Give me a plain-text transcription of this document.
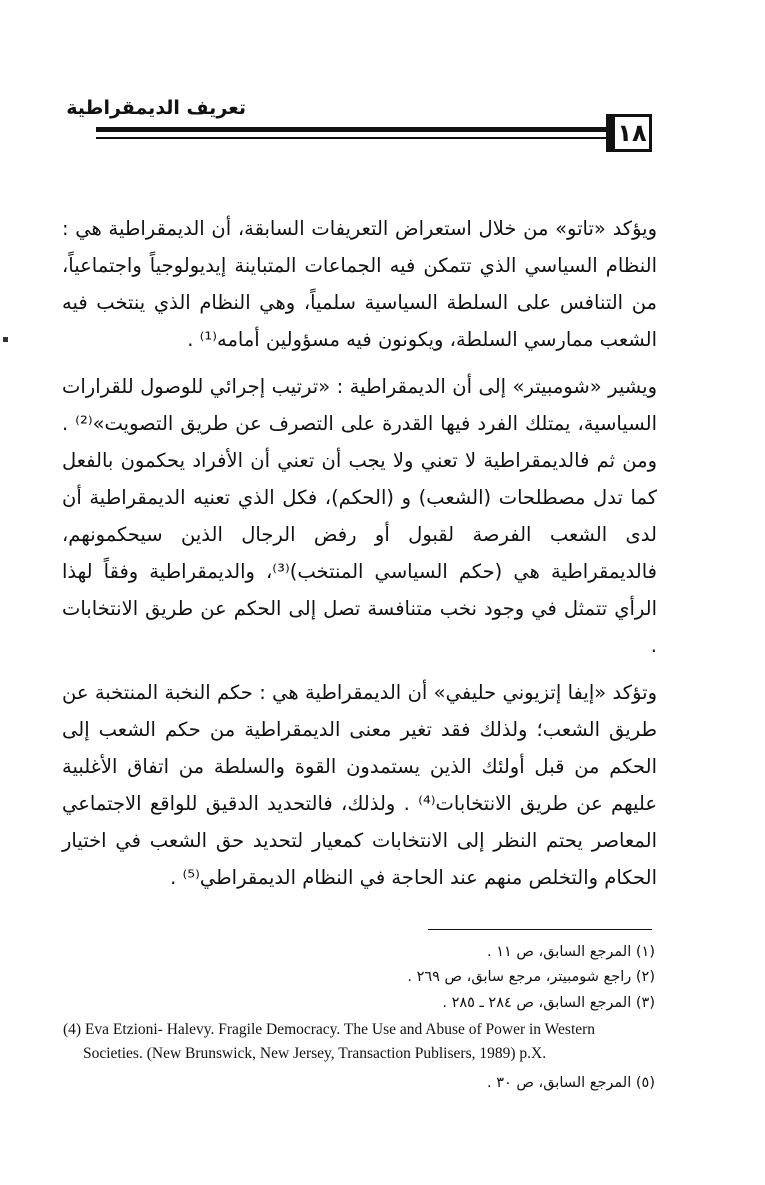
تعريف الديمقراطية
١٨

ويؤكد «تاتو» من خلال استعراض التعريفات السابقة، أن الديمقراطية هي : النظام السياسي الذي تتمكن فيه الجماعات المتباينة إيديولوجياً واجتماعياً، من التنافس على السلطة السياسية سلمياً، وهي النظام الذي ينتخب فيه الشعب ممارسي السلطة، ويكونون فيه مسؤولين أمامه⁽¹⁾ .

ويشير «شومبيتر» إلى أن الديمقراطية : «ترتيب إجرائي للوصول للقرارات السياسية، يمتلك الفرد فيها القدرة على التصرف عن طريق التصويت»⁽²⁾ . ومن ثم فالديمقراطية لا تعني ولا يجب أن تعني أن الأفراد يحكمون بالفعل كما تدل مصطلحات (الشعب) و (الحكم)، فكل الذي تعنيه الديمقراطية أن لدى الشعب الفرصة لقبول أو رفض الرجال الذين سيحكمونهم، فالديمقراطية هي (حكم السياسي المنتخب)⁽³⁾، والديمقراطية وفقاً لهذا الرأي تتمثل في وجود نخب متنافسة تصل إلى الحكم عن طريق الانتخابات .

وتؤكد «إيفا إتزيوني حليفي» أن الديمقراطية هي : حكم النخبة المنتخبة عن طريق الشعب؛ ولذلك فقد تغير معنى الديمقراطية من حكم الشعب إلى الحكم من قبل أولئك الذين يستمدون القوة والسلطة من اتفاق الأغلبية عليهم عن طريق الانتخابات⁽⁴⁾ . ولذلك، فالتحديد الدقيق للواقع الاجتماعي المعاصر يحتم النظر إلى الانتخابات كمعيار لتحديد حق الشعب في اختيار الحكام والتخلص منهم عند الحاجة في النظام الديمقراطي⁽⁵⁾ .

(١) المرجع السابق، ص ١١ .
(٢) راجع شومبيتر، مرجع سابق، ص ٢٦٩ .
(٣) المرجع السابق، ص ٢٨٤ ـ ٢٨٥ .
(4) Eva Etzioni- Halevy. Fragile Democracy. The Use and Abuse of Power in Western
Societies. (New Brunswick, New Jersey, Transaction Publisers, 1989) p.X.
(٥) المرجع السابق، ص ٣٠ .
